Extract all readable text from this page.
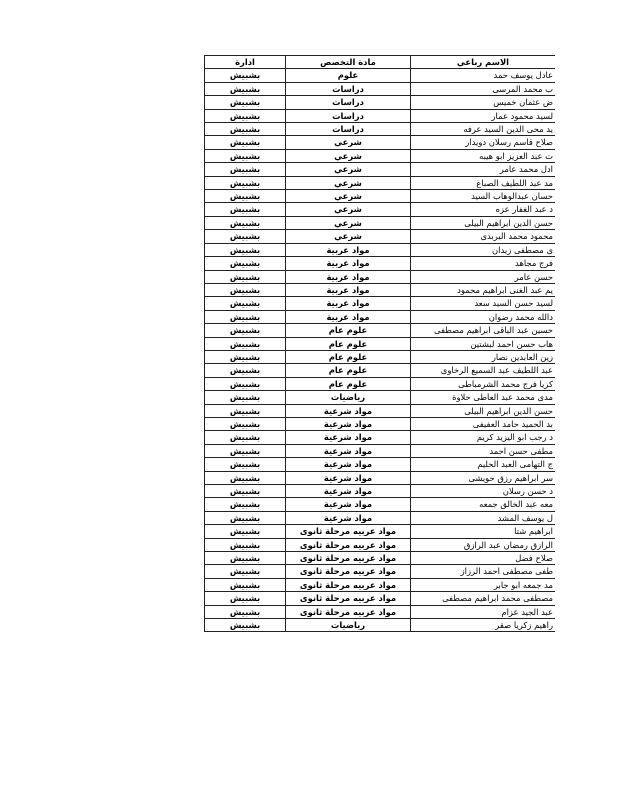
ادارة	مادة التخصص	الاسم رباعي
بشبيش	علوم	عادل يوسف حمد
بشبيش	دراسات	ب محمد المرسى
بشبيش	دراسات	ض عثمان خميس
بشبيش	دراسات	لسيد محمود عمار
بشبيش	دراسات	يد محى الدين السيد عرفه
بشبيش	شرعي	صلاح قاسم رسلان دويدار
بشبيش	شرعي	ت عبد العزيز ابو هيبه
بشبيش	شرعي	ادل محمد عامر
بشبيش	شرعي	مد عبد اللطيف الصباغ
بشبيش	شرعي	حسان عبدالوهاب السيد
بشبيش	شرعي	د عبد الغفار عزه
بشبيش	شرعي	حسن الدين ابراهيم البيلى
بشبيش	شرعي	محمود محمد البربدى
بشبيش	مواد عربية	ى مصطفى زيدان
بشبيش	مواد عربية	فرج مجاهد
بشبيش	مواد عربية	حسن عامر
بشبيش	مواد عربية	يم عبد الغنى ابراهيم محمود
بشبيش	مواد عربية	لسيد حسن السيد سعد
بشبيش	مواد عربية	دالله محمد رضوان
بشبيش	علوم عام	حسين عبد الباقى ابراهيم مصطفى
بشبيش	علوم عام	هاب حسن احمد لبشتين
بشبيش	علوم عام	زين العابدين نصار
بشبيش	علوم عام	عبد اللطيف عبد السميع الرخاوى
بشبيش	علوم عام	كريا فرج محمد الشرمباطى
بشبيش	رياضيات	مدى محمد عبد العاطى حلاوة
بشبيش	مواد شرعية	حسن الدين ابراهيم البيلى
بشبيش	مواد شرعية	بد الحميد حامد العفيفى
بشبيش	مواد شرعية	د رجب ابو اليزيد كريم
بشبيش	مواد شرعية	مطفى حسن احمد
بشبيش	مواد شرعية	ج التهامى العبد الحليم
بشبيش	مواد شرعية	سر ابراهيم رزق حويشى
بشبيش	مواد شرعية	د حسن رسلان
بشبيش	مواد شرعية	معه عبد الخالق جمعه
بشبيش	مواد شرعية	ل يوسف المشد
بشبيش	مواد عربيه مرحلة ثانوى	ابراهيم شتا
بشبيش	مواد عربيه مرحلة ثانوى	الرازق رمضان عبد الرازق
بشبيش	مواد عربيه مرحلة ثانوى	صلاح فضل
بشبيش	مواد عربيه مرحلة ثانوى	طفى مصطفى احمد الرزاز
بشبيش	مواد عربيه مرحلة ثانوى	مد جمعه ابو جابر
بشبيش	مواد عربيه مرحلة ثانوى	مصطفى محمد ابراهيم مصطفى
بشبيش	مواد عربيه مرحلة ثانوى	عبد الجيد عزام
بشبيش	رياضيات	راهيم زكريا صقر
